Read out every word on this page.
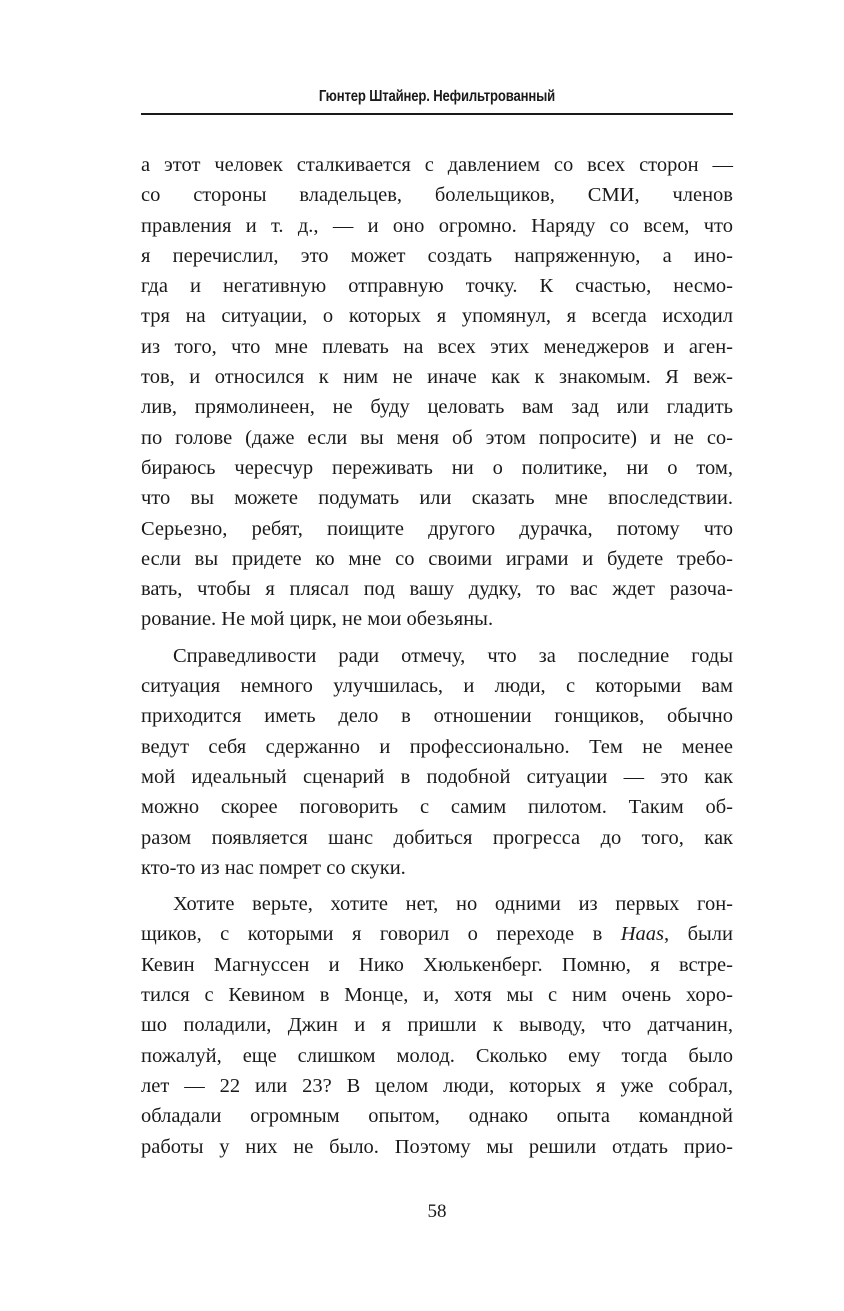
Гюнтер Штайнер. Нефильтрованный
а этот человек сталкивается с давлением со всех сторон —
со стороны владельцев, болельщиков, СМИ, членов
правления и т. д., — и оно огромно. Наряду со всем, что
я перечислил, это может создать напряженную, а ино-
гда и негативную отправную точку. К счастью, несмо-
тря на ситуации, о которых я упомянул, я всегда исходил
из того, что мне плевать на всех этих менеджеров и аген-
тов, и относился к ним не иначе как к знакомым. Я веж-
лив, прямолинеен, не буду целовать вам зад или гладить
по голове (даже если вы меня об этом попросите) и не со-
бираюсь чересчур переживать ни о политике, ни о том,
что вы можете подумать или сказать мне впоследствии.
Серьезно, ребят, поищите другого дурачка, потому что
если вы придете ко мне со своими играми и будете требо-
вать, чтобы я плясал под вашу дудку, то вас ждет разоча-
рование. Не мой цирк, не мои обезьяны.
Справедливости ради отмечу, что за последние годы
ситуация немного улучшилась, и люди, с которыми вам
приходится иметь дело в отношении гонщиков, обычно
ведут себя сдержанно и профессионально. Тем не менее
мой идеальный сценарий в подобной ситуации — это как
можно скорее поговорить с самим пилотом. Таким об-
разом появляется шанс добиться прогресса до того, как
кто-то из нас помрет со скуки.
Хотите верьте, хотите нет, но одними из первых гон-
щиков, с которыми я говорил о переходе в Haas, были
Кевин Магнуссен и Нико Хюлькенберг. Помню, я встре-
тился с Кевином в Монце, и, хотя мы с ним очень хоро-
шо поладили, Джин и я пришли к выводу, что датчанин,
пожалуй, еще слишком молод. Сколько ему тогда было
лет — 22 или 23? В целом люди, которых я уже собрал,
обладали огромным опытом, однако опыта командной
работы у них не было. Поэтому мы решили отдать прио-
58
